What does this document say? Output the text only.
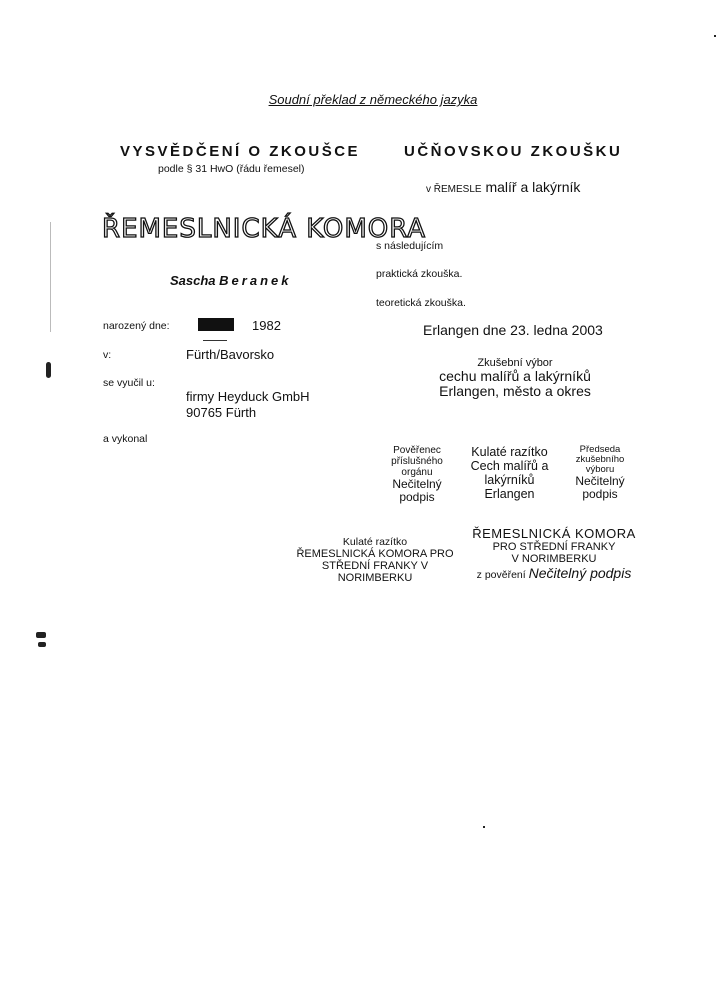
Soudní překlad z německého jazyka
VYSVĚDČENÍ O ZKOUŠCE
podle § 31 HwO (řádu řemesel)
UČŇOVSKOU ZKOUŠKU
v ŘEMESLE malíř a lakýrník
ŘEMESLNICKÁ KOMORA
Sascha Beranek
narozený dne:	1982
v:	Fürth/Bavorsko
se vyučil u:
firmy Heyduck GmbH
90765 Fürth
a vykonal
s následujícím
praktická zkouška.
teoretická zkouška.
Erlangen dne 23. ledna 2003
Zkušební výbor
cechu malířů a lakýrníků
Erlangen, město a okres
Pověřenec
příslušného
orgánu
Nečitelný
podpis
Kulaté razítko
Cech malířů a
lakýrníků
Erlangen
Předseda
zkušebního
výboru
Nečitelný
podpis
Kulaté razítko
ŘEMESLNICKÁ KOMORA PRO STŘEDNÍ FRANKY V NORIMBERKU
ŘEMESLNICKÁ KOMORA
PRO STŘEDNÍ FRANKY
V NORIMBERKU
z pověření Nečitelný podpis
